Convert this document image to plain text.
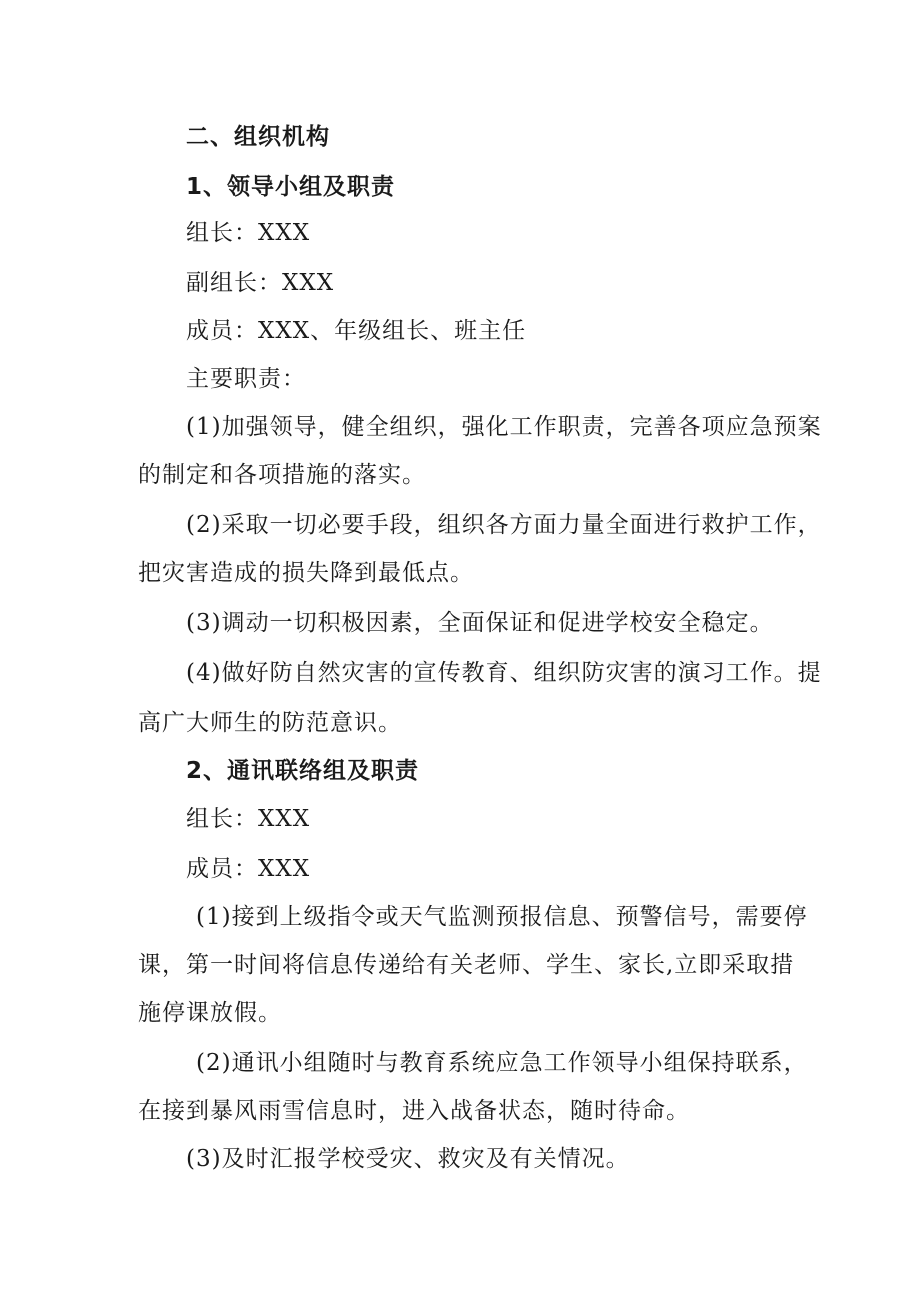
二、组织机构
1、领导小组及职责
组长：XXX
副组长：XXX
成员：XXX、年级组长、班主任
主要职责：
(1)加强领导，健全组织，强化工作职责，完善各项应急预案
的制定和各项措施的落实。
(2)采取一切必要手段，组织各方面力量全面进行救护工作，
把灾害造成的损失降到最低点。
(3)调动一切积极因素，全面保证和促进学校安全稳定。
(4)做好防自然灾害的宣传教育、组织防灾害的演习工作。提
高广大师生的防范意识。
2、通讯联络组及职责
组长：XXX
成员：XXX
(1)接到上级指令或天气监测预报信息、预警信号，需要停
课，第一时间将信息传递给有关老师、学生、家长,立即采取措
施停课放假。
(2)通讯小组随时与教育系统应急工作领导小组保持联系，
在接到暴风雨雪信息时，进入战备状态，随时待命。
(3)及时汇报学校受灾、救灾及有关情况。
